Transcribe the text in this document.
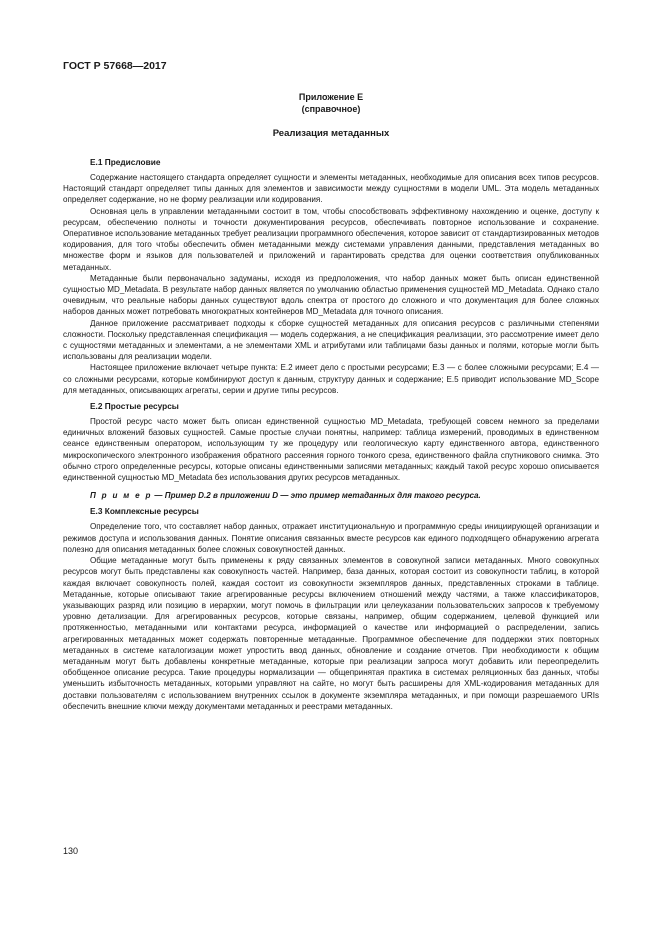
ГОСТ Р 57668—2017
Приложение Е
(справочное)
Реализация метаданных
Е.1 Предисловие

Содержание настоящего стандарта определяет сущности и элементы метаданных, необходимые для описания всех типов ресурсов. Настоящий стандарт определяет типы данных для элементов и зависимости между сущностями в модели UML. Эта модель метаданных определяет содержание, но не форму реализации или кодирования.

Основная цель в управлении метаданными состоит в том, чтобы способствовать эффективному нахождению и оценке, доступу к ресурсам, обеспечению полноты и точности документирования ресурсов, обеспечивать повторное использование и сохранение. Оперативное использование метаданных требует реализации программного обеспечения, которое зависит от стандартизированных методов кодирования, для того чтобы обеспечить обмен метаданными между системами управления данными, представления метаданных во множестве форм и языков для пользователей и приложений и гарантировать средства для оценки соответствия опубликованных метаданных.

Метаданные были первоначально задуманы, исходя из предположения, что набор данных может быть описан единственной сущностью MD_Metadata. В результате набор данных является по умолчанию областью применения сущностей MD_Metadata. Однако стало очевидным, что реальные наборы данных существуют вдоль спектра от простого до сложного и что документация для более сложных наборов данных может потребовать многократных контейнеров MD_Metadata для точного описания.

Данное приложение рассматривает подходы к сборке сущностей метаданных для описания ресурсов с различными степенями сложности. Поскольку представленная спецификация — модель содержания, а не спецификация реализации, это рассмотрение имеет дело с сущностями метаданных и элементами, а не элементами XML и атрибутами или таблицами базы данных и полями, которые могли быть использованы для реализации модели.

Настоящее приложение включает четыре пункта: Е.2 имеет дело с простыми ресурсами; Е.3 — с более сложными ресурсами; Е.4 — со сложными ресурсами, которые комбинируют доступ к данным, структуру данных и содержание; Е.5 приводит использование MD_Scope для метаданных, описывающих агрегаты, серии и другие типы ресурсов.

Е.2 Простые ресурсы

Простой ресурс часто может быть описан единственной сущностью MD_Metadata, требующей совсем немного за пределами единичных вложений базовых сущностей. Самые простые случаи понятны, например: таблица измерений, проводимых в единственном сеансе единственным оператором, использующим ту же процедуру или геологическую карту единственного автора, единственного микроскопического электронного изображения обратного рассеяния горного тонкого среза, единственного файла спутникового снимка. Это обычно строго определенные ресурсы, которые описаны единственными записями метаданных; каждый такой ресурс хорошо описывается единственной сущностью MD_Metadata без использования других ресурсов метаданных.

П р и м е р — Пример D.2 в приложении D — это пример метаданных для такого ресурса.

Е.3 Комплексные ресурсы

Определение того, что составляет набор данных, отражает институциональную и программную среды инициирующей организации и режимов доступа и использования данных. Понятие описания связанных вместе ресурсов как единого подходящего обнаружению агрегата полезно для описания метаданных более сложных совокупностей данных.

Общие метаданные могут быть применены к ряду связанных элементов в совокупной записи метаданных. Много совокупных ресурсов могут быть представлены как совокупность частей. Например, база данных, которая состоит из совокупности таблиц, в которой каждая включает совокупность полей, каждая состоит из совокупности экземпляров данных, представленных строками в таблице. Метаданные, которые описывают такие агрегированные ресурсы включением отношений между частями, а также классификаторов, указывающих разряд или позицию в иерархии, могут помочь в фильтрации или целеуказании пользовательских запросов к требуемому уровню детализации. Для агрегированных ресурсов, которые связаны, например, общим содержанием, целевой функцией или протяженностью, метаданными или контактами ресурса, информацией о качестве или информацией о распределении, запись агрегированных метаданных может содержать повторенные метаданные. Программное обеспечение для поддержки этих повторных метаданных в системе каталогизации может упростить ввод данных, обновление и создание отчетов. При необходимости к общим метаданным могут быть добавлены конкретные метаданные, которые при реализации запроса могут добавить или переопределить обобщенное описание ресурса. Такие процедуры нормализации — общепринятая практика в системах реляционных баз данных, чтобы уменьшить избыточность метаданных, которыми управляют на сайте, но могут быть расширены для XML-кодирования метаданных для доставки пользователям с использованием внутренних ссылок в документе экземпляра метаданных, и при помощи разрешаемого URIs обеспечить внешние ключи между документами метаданных и реестрами метаданных.

130
